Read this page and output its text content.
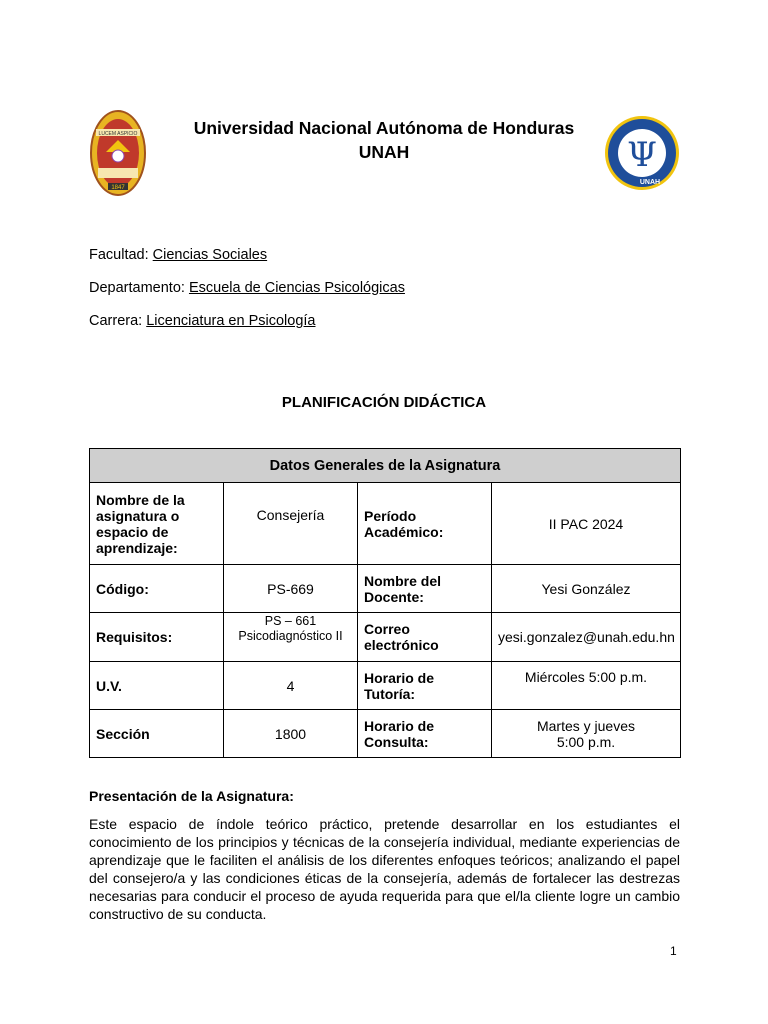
LUCEM ASPICIO
1847
Universidad Nacional Autónoma de Honduras
UNAH	Ψ
UNAH
Facultad: Ciencias Sociales
Departamento: Escuela de Ciencias Psicológicas
Carrera: Licenciatura en Psicología
PLANIFICACIÓN DIDÁCTICA
Datos Generales de la Asignatura			
Nombre de la asignatura o espacio de aprendizaje:	Consejería	Período Académico:	II PAC 2024
Código:	PS-669	Nombre del Docente:	Yesi González
Requisitos:	PS – 661 Psicodiagnóstico II	Correo electrónico	yesi.gonzalez@unah.edu.hn
U.V.	4	Horario de Tutoría:	Miércoles 5:00 p.m.
Sección	1800	Horario de Consulta:	Martes y jueves 5:00 p.m.
Presentación de la Asignatura:
Este espacio de índole teórico práctico, pretende desarrollar en los estudiantes el conocimiento de los principios y técnicas de la consejería individual, mediante experiencias de aprendizaje que le faciliten el análisis de los diferentes enfoques teóricos; analizando el papel del consejero/a y las condiciones éticas de la consejería, además de fortalecer las destrezas necesarias para conducir el proceso de ayuda requerida para que el/la cliente logre un cambio constructivo de su conducta.
1
